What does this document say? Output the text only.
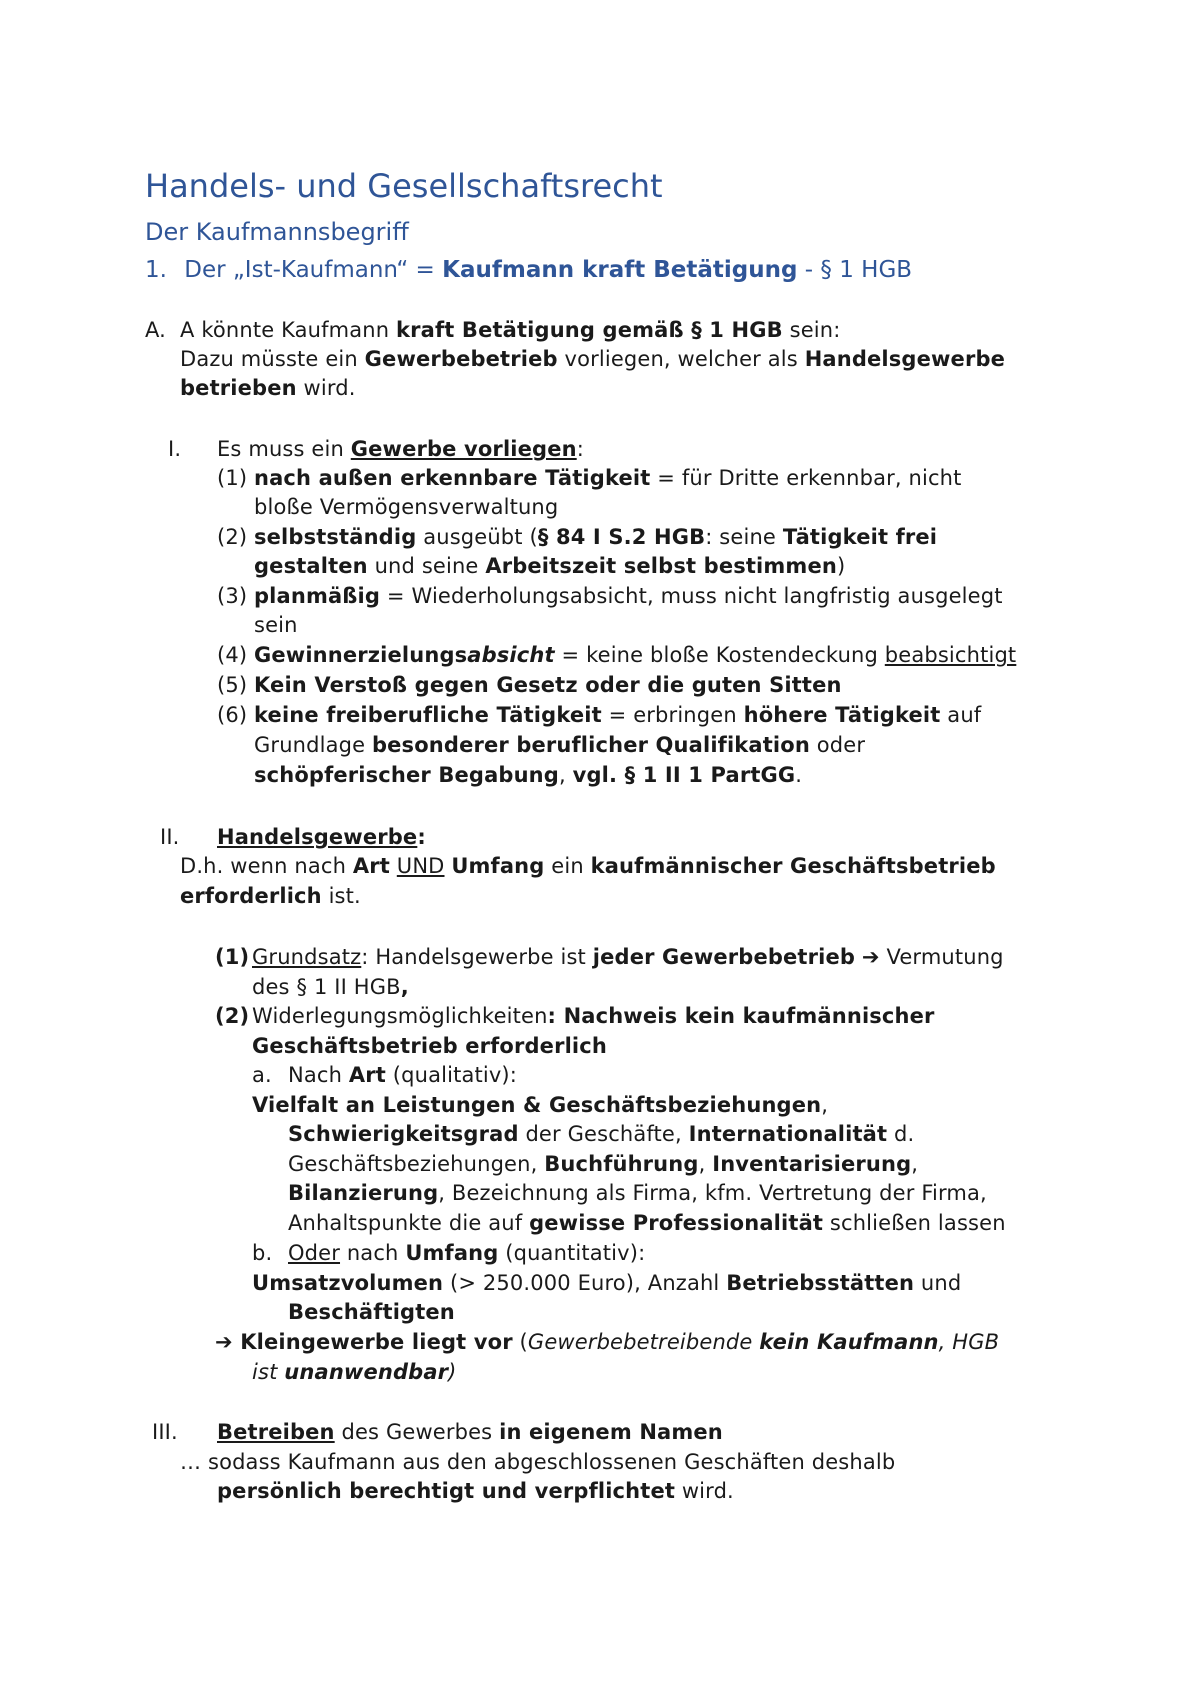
Handels- und Gesellschaftsrecht
Der Kaufmannsbegriff
1. Der „Ist-Kaufmann“ = Kaufmann kraft Betätigung - § 1 HGB
A. A könnte Kaufmann kraft Betätigung gemäß § 1 HGB sein:
Dazu müsste ein Gewerbebetrieb vorliegen, welcher als Handelsgewerbe
betrieben wird.
I. Es muss ein Gewerbe vorliegen:
(1) nach außen erkennbare Tätigkeit = für Dritte erkennbar, nicht
bloße Vermögensverwaltung
(2) selbstständig ausgeübt (§ 84 I S.2 HGB: seine Tätigkeit frei
gestalten und seine Arbeitszeit selbst bestimmen)
(3) planmäßig = Wiederholungsabsicht, muss nicht langfristig ausgelegt
sein
(4) Gewinnerzielungsabsicht = keine bloße Kostendeckung beabsichtigt
(5) Kein Verstoß gegen Gesetz oder die guten Sitten
(6) keine freiberufliche Tätigkeit = erbringen höhere Tätigkeit auf
Grundlage besonderer beruflicher Qualifikation oder
schöpferischer Begabung, vgl. § 1 II 1 PartGG.
II. Handelsgewerbe:
D.h. wenn nach Art UND Umfang ein kaufmännischer Geschäftsbetrieb
erforderlich ist.
(1) Grundsatz: Handelsgewerbe ist jeder Gewerbebetrieb ➔ Vermutung
des § 1 II HGB,
(2) Widerlegungsmöglichkeiten: Nachweis kein kaufmännischer
Geschäftsbetrieb erforderlich
a. Nach Art (qualitativ):
Vielfalt an Leistungen & Geschäftsbeziehungen,
Schwierigkeitsgrad der Geschäfte, Internationalität d.
Geschäftsbeziehungen, Buchführung, Inventarisierung,
Bilanzierung, Bezeichnung als Firma, kfm. Vertretung der Firma,
Anhaltspunkte die auf gewisse Professionalität schließen lassen
b. Oder nach Umfang (quantitativ):
Umsatzvolumen (> 250.000 Euro), Anzahl Betriebsstätten und
Beschäftigten
➔ Kleingewerbe liegt vor (Gewerbebetreibende kein Kaufmann, HGB
ist unanwendbar)
III. Betreiben des Gewerbes in eigenem Namen
… sodass Kaufmann aus den abgeschlossenen Geschäften deshalb
persönlich berechtigt und verpflichtet wird.
